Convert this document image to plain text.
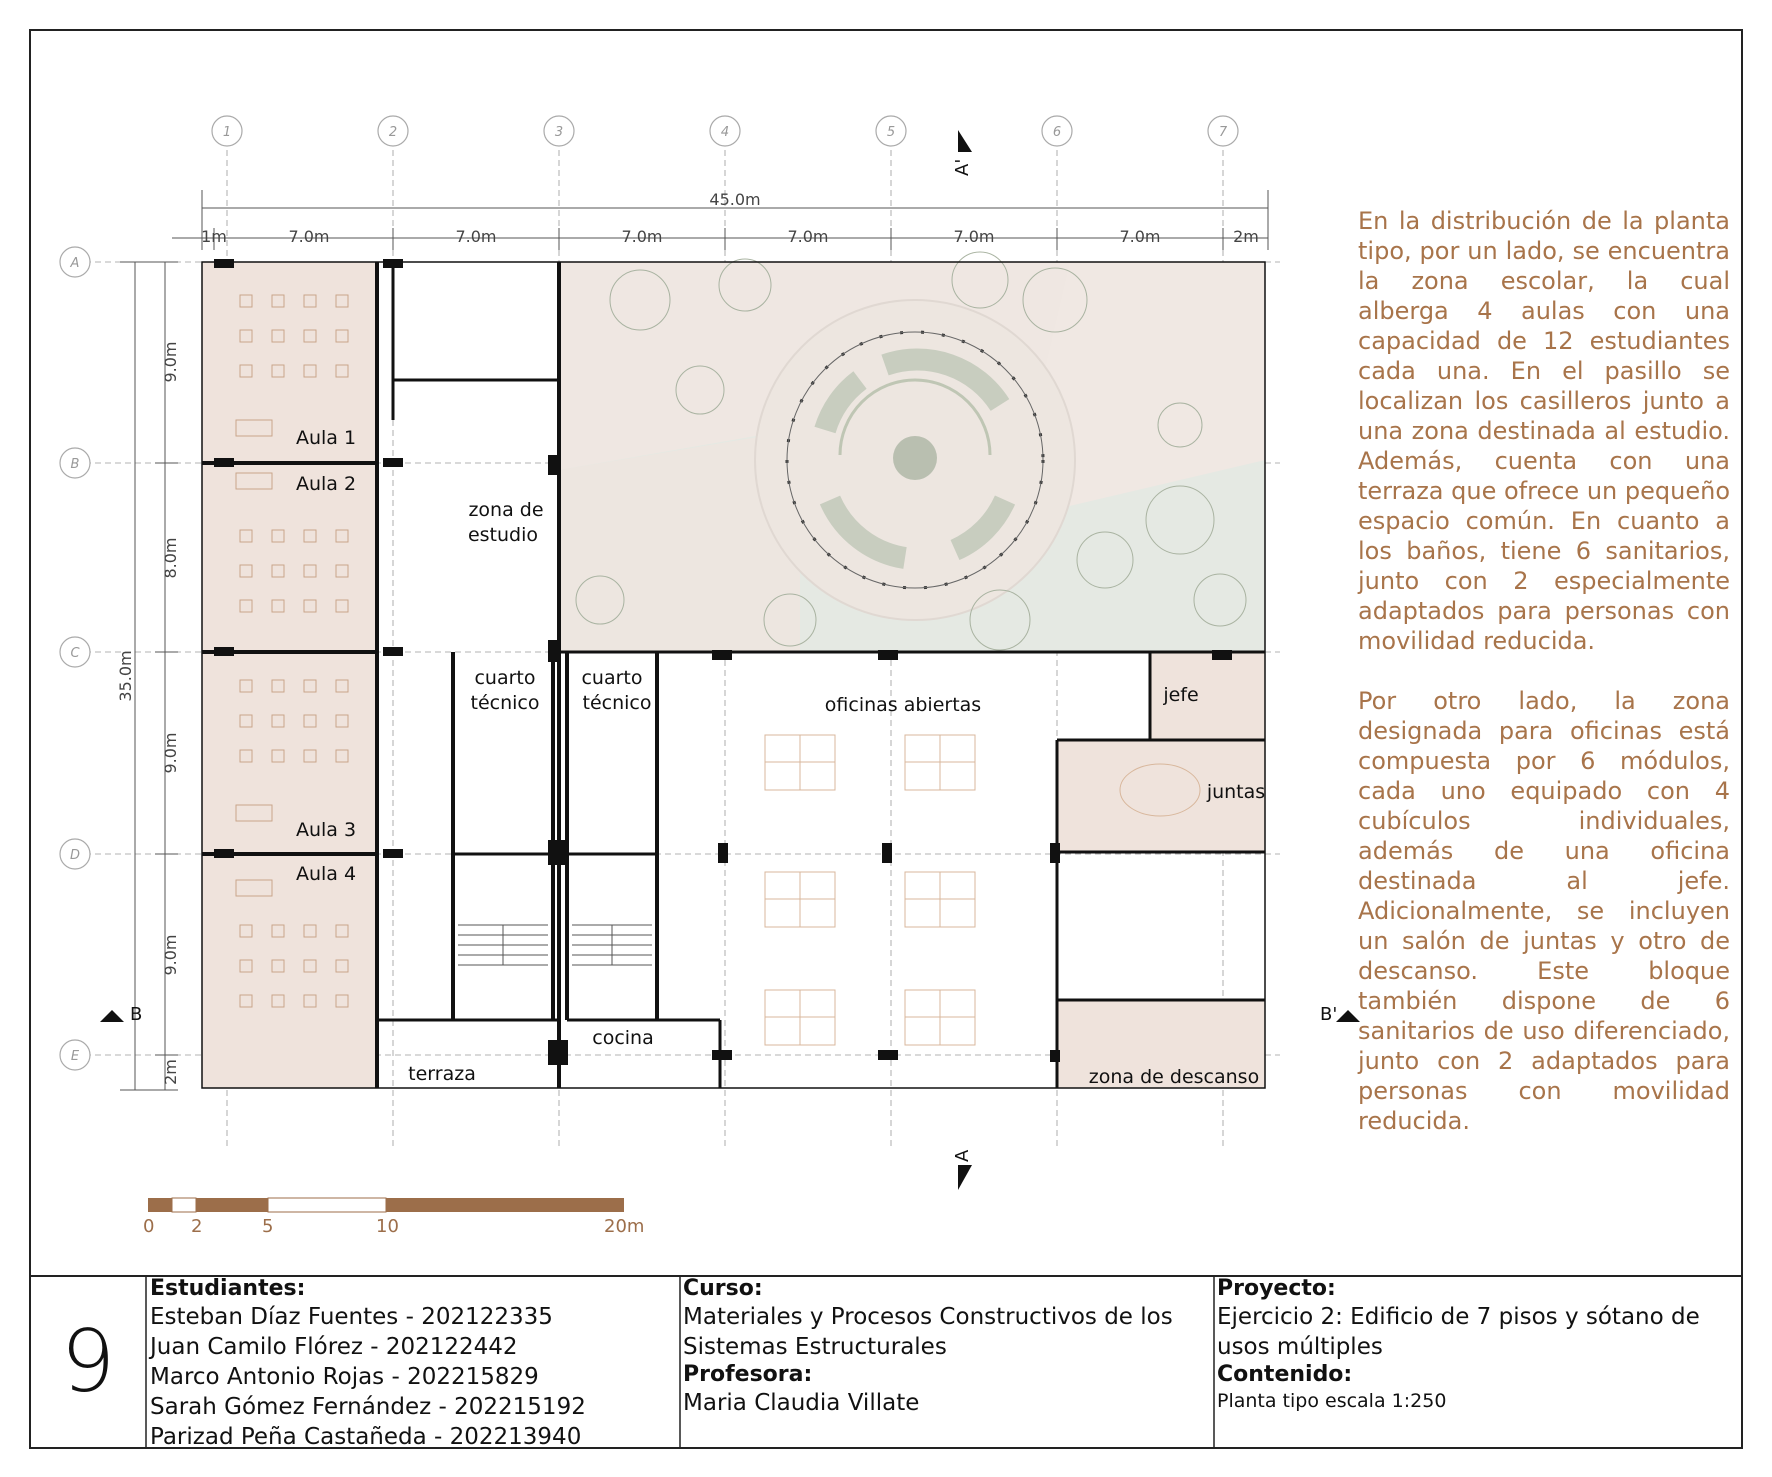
1	2	3	4	5	6	7
A
B
C
D
E
45.0m
1m	7.0m	7.0m	7.0m	7.0m	7.0m	7.0m	2m
35.0m
9.0m
8.0m
9.0m
9.0m
2m
A'
A
B	B'
Aula 1
Aula 2
Aula 3
Aula 4
zona de
estudio
cuarto
técnico
cuarto
técnico	oficinas abiertas	jefe
juntas
cocina
terraza	zona de descanso
0 2	5	10	20m

En la distribución de la planta tipo, por un lado, se encuentra la zona escolar, la cual alberga 4 aulas con una capacidad de 12 estudiantes cada una. En el pasillo se localizan los casilleros junto a una zona destinada al estudio. Además, cuenta con una terraza que ofrece un pequeño espacio común. En cuanto a los baños, tiene 6 sanitarios, junto con 2 especialmente adaptados para personas con movilidad reducida.

Por otro lado, la zona designada para oficinas está compuesta por 6 módulos, cada uno equipado con 4 cubículos individuales, además de una oficina destinada al jefe. Adicionalmente, se incluyen un salón de juntas y otro de descanso. Este bloque también dispone de 6 sanitarios de uso diferenciado, junto con 2 adaptados para personas con movilidad reducida.

9
Estudiantes:
Esteban Díaz Fuentes - 202122335
Juan Camilo Flórez - 202122442
Marco Antonio Rojas - 202215829
Sarah Gómez Fernández - 202215192
Parizad Peña Castañeda - 202213940
Curso:
Materiales y Procesos Constructivos de los
Sistemas Estructurales
Profesora:
Maria Claudia Villate
Proyecto:
Ejercicio 2: Edificio de 7 pisos y sótano de
usos múltiples
Contenido:
Planta tipo escala 1:250
